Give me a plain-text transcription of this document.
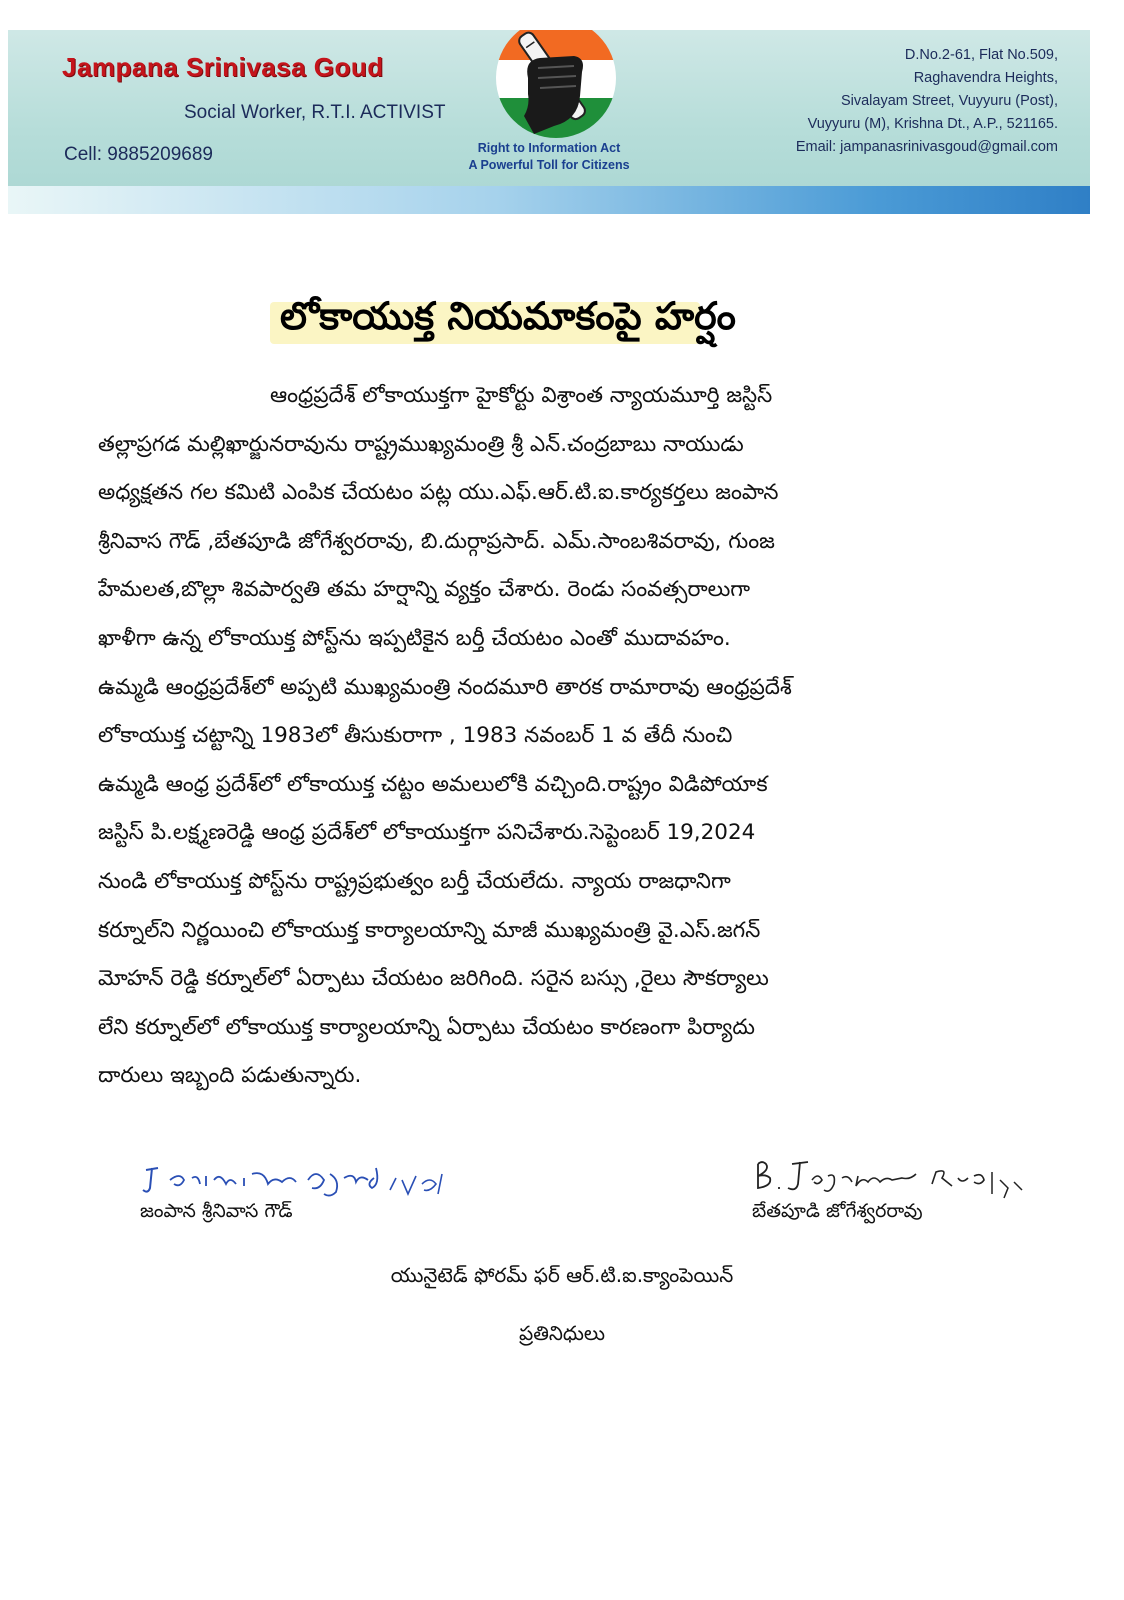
Jampana Srinivasa Goud
Social Worker, R.T.I. ACTIVIST
Cell: 9885209689	Right to Information Act
A Powerful Toll for Citizens
D.No.2-61, Flat No.509,
Raghavendra Heights,
Sivalayam Street, Vuyyuru (Post),
Vuyyuru (M), Krishna Dt., A.P., 521165.
Email: jampanasrinivasgoud@gmail.com
లోకాయుక్త నియమాకంపై హర్షం
ఆంధ్రప్రదేశ్ లోకాయుక్తగా హైకోర్టు విశ్రాంత న్యాయమూర్తి జస్టిస్
తల్లాప్రగడ మల్లిఖార్జునరావును రాష్ట్రముఖ్యమంత్రి శ్రీ ఎన్.చంద్రబాబు నాయుడు
అధ్యక్షతన గల కమిటి ఎంపిక చేయటం పట్ల యు.ఎఫ్.ఆర్.టి.ఐ.కార్యకర్తలు జంపాన
శ్రీనివాస గౌడ్ ,బేతపూడి జోగేశ్వరరావు, బి.దుర్గాప్రసాద్. ఎమ్.సాంబశివరావు, గుంజ
హేమలత,బొల్లా శివపార్వతి తమ హర్షాన్ని వ్యక్తం చేశారు. రెండు సంవత్సరాలుగా
ఖాళీగా ఉన్న లోకాయుక్త పోస్ట్‌ను ఇప్పటికైన బర్తీ చేయటం ఎంతో ముదావహం.
ఉమ్మడి ఆంధ్రప్రదేశ్‌లో అప్పటి ముఖ్యమంత్రి నందమూరి తారక రామారావు ఆంధ్రప్రదేశ్
లోకాయుక్త చట్టాన్ని 1983లో తీసుకురాగా , 1983 నవంబర్ 1 వ తేదీ నుంచి
ఉమ్మడి ఆంధ్ర ప్రదేశ్‌లో లోకాయుక్త చట్టం అమలులోకి వచ్చింది.రాష్ట్రం విడిపోయాక
జస్టిస్ పి.లక్ష్మణరెడ్డి ఆంధ్ర ప్రదేశ్‌లో లోకాయుక్తగా పనిచేశారు.సెప్టెంబర్ 19,2024
నుండి లోకాయుక్త పోస్ట్‌ను రాష్ట్రప్రభుత్వం బర్తీ చేయలేదు. న్యాయ రాజధానిగా
కర్నూల్‌ని నిర్ణయించి లోకాయుక్త కార్యాలయాన్ని మాజీ ముఖ్యమంత్రి వై.ఎస్.జగన్
మోహన్ రెడ్డి కర్నూల్‌లో ఏర్పాటు చేయటం జరిగింది. సరైన బస్సు ,రైలు సౌకర్యాలు
లేని కర్నూల్‌లో లోకాయుక్త కార్యాలయాన్ని ఏర్పాటు చేయటం కారణంగా పిర్యాదు
దారులు ఇబ్బంది పడుతున్నారు.
జంపాన శ్రీనివాస గౌడ్	బేతపూడి జోగేశ్వరరావు
యునైటెడ్ ఫోరమ్ ఫర్ ఆర్.టి.ఐ.క్యాంపెయిన్
ప్రతినిధులు
